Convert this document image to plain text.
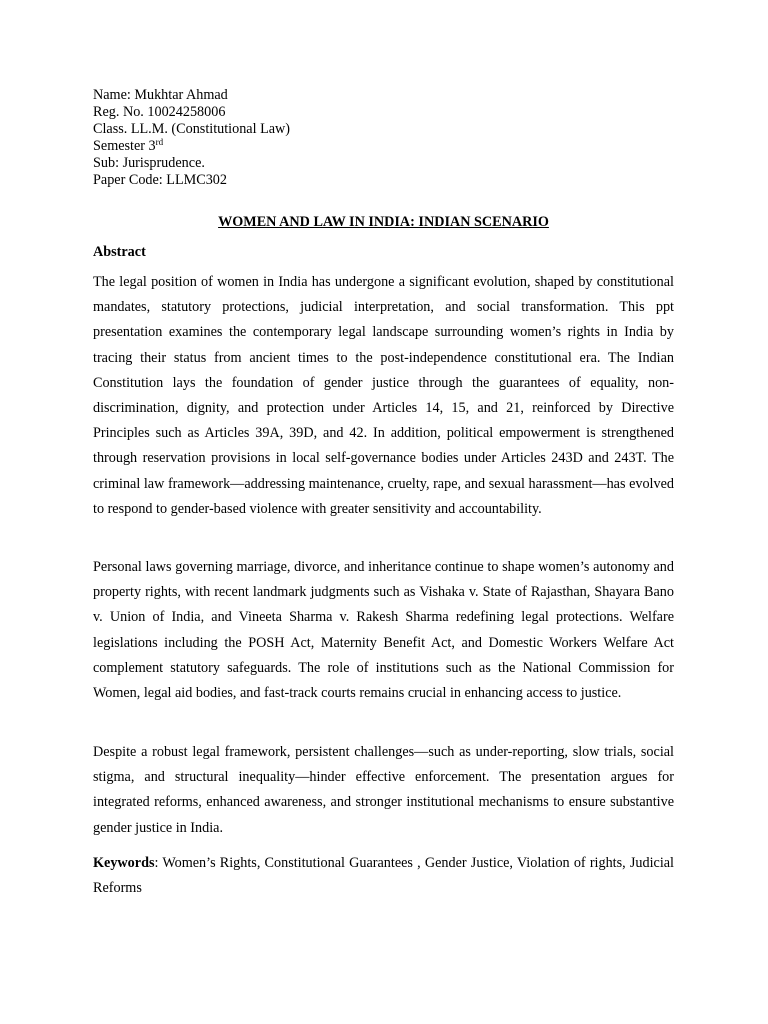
Name: Mukhtar Ahmad
Reg. No. 10024258006
Class. LL.M. (Constitutional Law)
Semester 3rd
Sub: Jurisprudence.
Paper Code: LLMC302
WOMEN AND LAW IN INDIA: INDIAN SCENARIO
Abstract

The legal position of women in India has undergone a significant evolution, shaped by constitutional mandates, statutory protections, judicial interpretation, and social transformation. This ppt presentation examines the contemporary legal landscape surrounding women’s rights in India by tracing their status from ancient times to the post-independence constitutional era. The Indian Constitution lays the foundation of gender justice through the guarantees of equality, non-discrimination, dignity, and protection under Articles 14, 15, and 21, reinforced by Directive Principles such as Articles 39A, 39D, and 42. In addition, political empowerment is strengthened through reservation provisions in local self-governance bodies under Articles 243D and 243T. The criminal law framework—addressing maintenance, cruelty, rape, and sexual harassment—has evolved to respond to gender-based violence with greater sensitivity and accountability.

Personal laws governing marriage, divorce, and inheritance continue to shape women’s autonomy and property rights, with recent landmark judgments such as Vishaka v. State of Rajasthan, Shayara Bano v. Union of India, and Vineeta Sharma v. Rakesh Sharma redefining legal protections. Welfare legislations including the POSH Act, Maternity Benefit Act, and Domestic Workers Welfare Act complement statutory safeguards. The role of institutions such as the National Commission for Women, legal aid bodies, and fast-track courts remains crucial in enhancing access to justice.

Despite a robust legal framework, persistent challenges—such as under-reporting, slow trials, social stigma, and structural inequality—hinder effective enforcement. The presentation argues for integrated reforms, enhanced awareness, and stronger institutional mechanisms to ensure substantive gender justice in India.

Keywords: Women’s Rights, Constitutional Guarantees , Gender Justice, Violation of rights, Judicial Reforms
